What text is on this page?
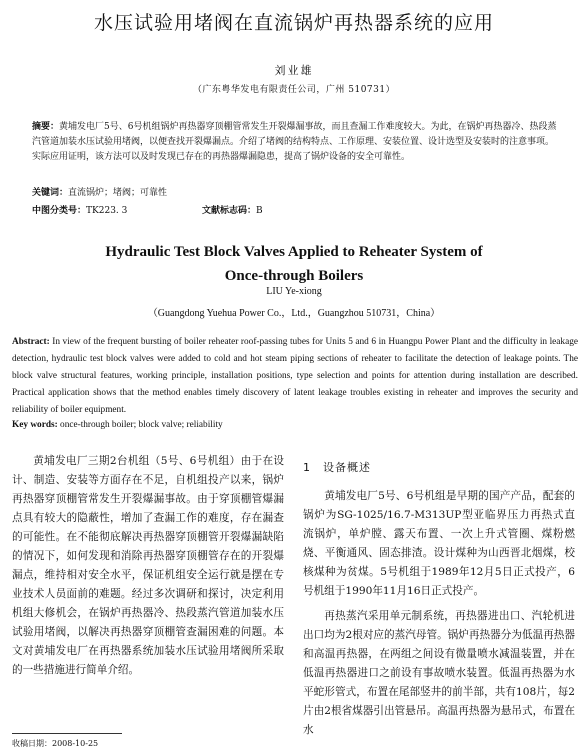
水压试验用堵阀在直流锅炉再热器系统的应用
刘业雄
（广东粤华发电有限责任公司，广州 510731）
摘要：黄埔发电厂5号、6号机组锅炉再热器穿顶棚管常发生开裂爆漏事故，而且查漏工作难度较大。为此，在锅炉再热器冷、热段蒸汽管道加装水压试验用堵阀，以便查找开裂爆漏点。介绍了堵阀的结构特点、工作原理、安装位置、设计选型及安装时的注意事项。实际应用证明，该方法可以及时发现已存在的再热器爆漏隐患，提高了锅炉设备的安全可靠性。
关键词：直流锅炉；堵阀；可靠性
中图分类号：TK223. 3	文献标志码：B
Hydraulic Test Block Valves Applied to Reheater System of
Once-through Boilers
LIU Ye-xiong
（Guangdong Yuehua Power Co.，Ltd.，Guangzhou 510731，China）
Abstract: In view of the frequent bursting of boiler reheater roof-passing tubes for Units 5 and 6 in Huangpu Power Plant and the difficulty in leakage detection, hydraulic test block valves were added to cold and hot steam piping sections of reheater to facilitate the detection of leakage points. The block valve structural features, working principle, installation positions, type selection and points for attention during installation are described. Practical application shows that the method enables timely discovery of latent leakage troubles existing in reheater and improves the security and reliability of boiler equipment.
Key words: once-through boiler; block valve; reliability

黄埔发电厂三期2台机组（5号、6号机组）由于在设计、制造、安装等方面存在不足，自机组投产以来，锅炉再热器穿顶棚管常发生开裂爆漏事故。由于穿顶棚管爆漏点具有较大的隐蔽性，增加了查漏工作的难度，存在漏查的可能性。在不能彻底解决再热器穿顶棚管开裂爆漏缺陷的情况下，如何发现和消除再热器穿顶棚管存在的开裂爆漏点，维持相对安全水平，保证机组安全运行就是摆在专业技术人员面前的难题。经过多次调研和探讨，决定利用机组大修机会，在锅炉再热器冷、热段蒸汽管道加装水压试验用堵阀，以解决再热器穿顶棚管查漏困难的问题。本文对黄埔发电厂在再热器系统加装水压试验用堵阀所采取的一些措施进行简单介绍。

1　设备概述

黄埔发电厂5号、6号机组是早期的国产产品，配套的锅炉为SG-1025/16.7-M313UP型亚临界压力再热式直流锅炉，单炉膛、露天布置、一次上升式管圈、煤粉燃烧、平衡通风、固态排渣。设计煤种为山西晋北烟煤，校核煤种为贫煤。5号机组于1989年12月5日正式投产，6号机组于1990年11月16日正式投产。

再热蒸汽采用单元制系统，再热器进出口、汽轮机进出口均为2根对应的蒸汽母管。锅炉再热器分为低温再热器和高温再热器，在两组之间设有微量喷水减温装置，并在低温再热器进口之前设有事故喷水装置。低温再热器为水平蛇形管式，布置在尾部竖井的前半部，共有108片，每2片由2根省煤器引出管悬吊。高温再热器为悬吊式，布置在水

收稿日期：2008-10-25
